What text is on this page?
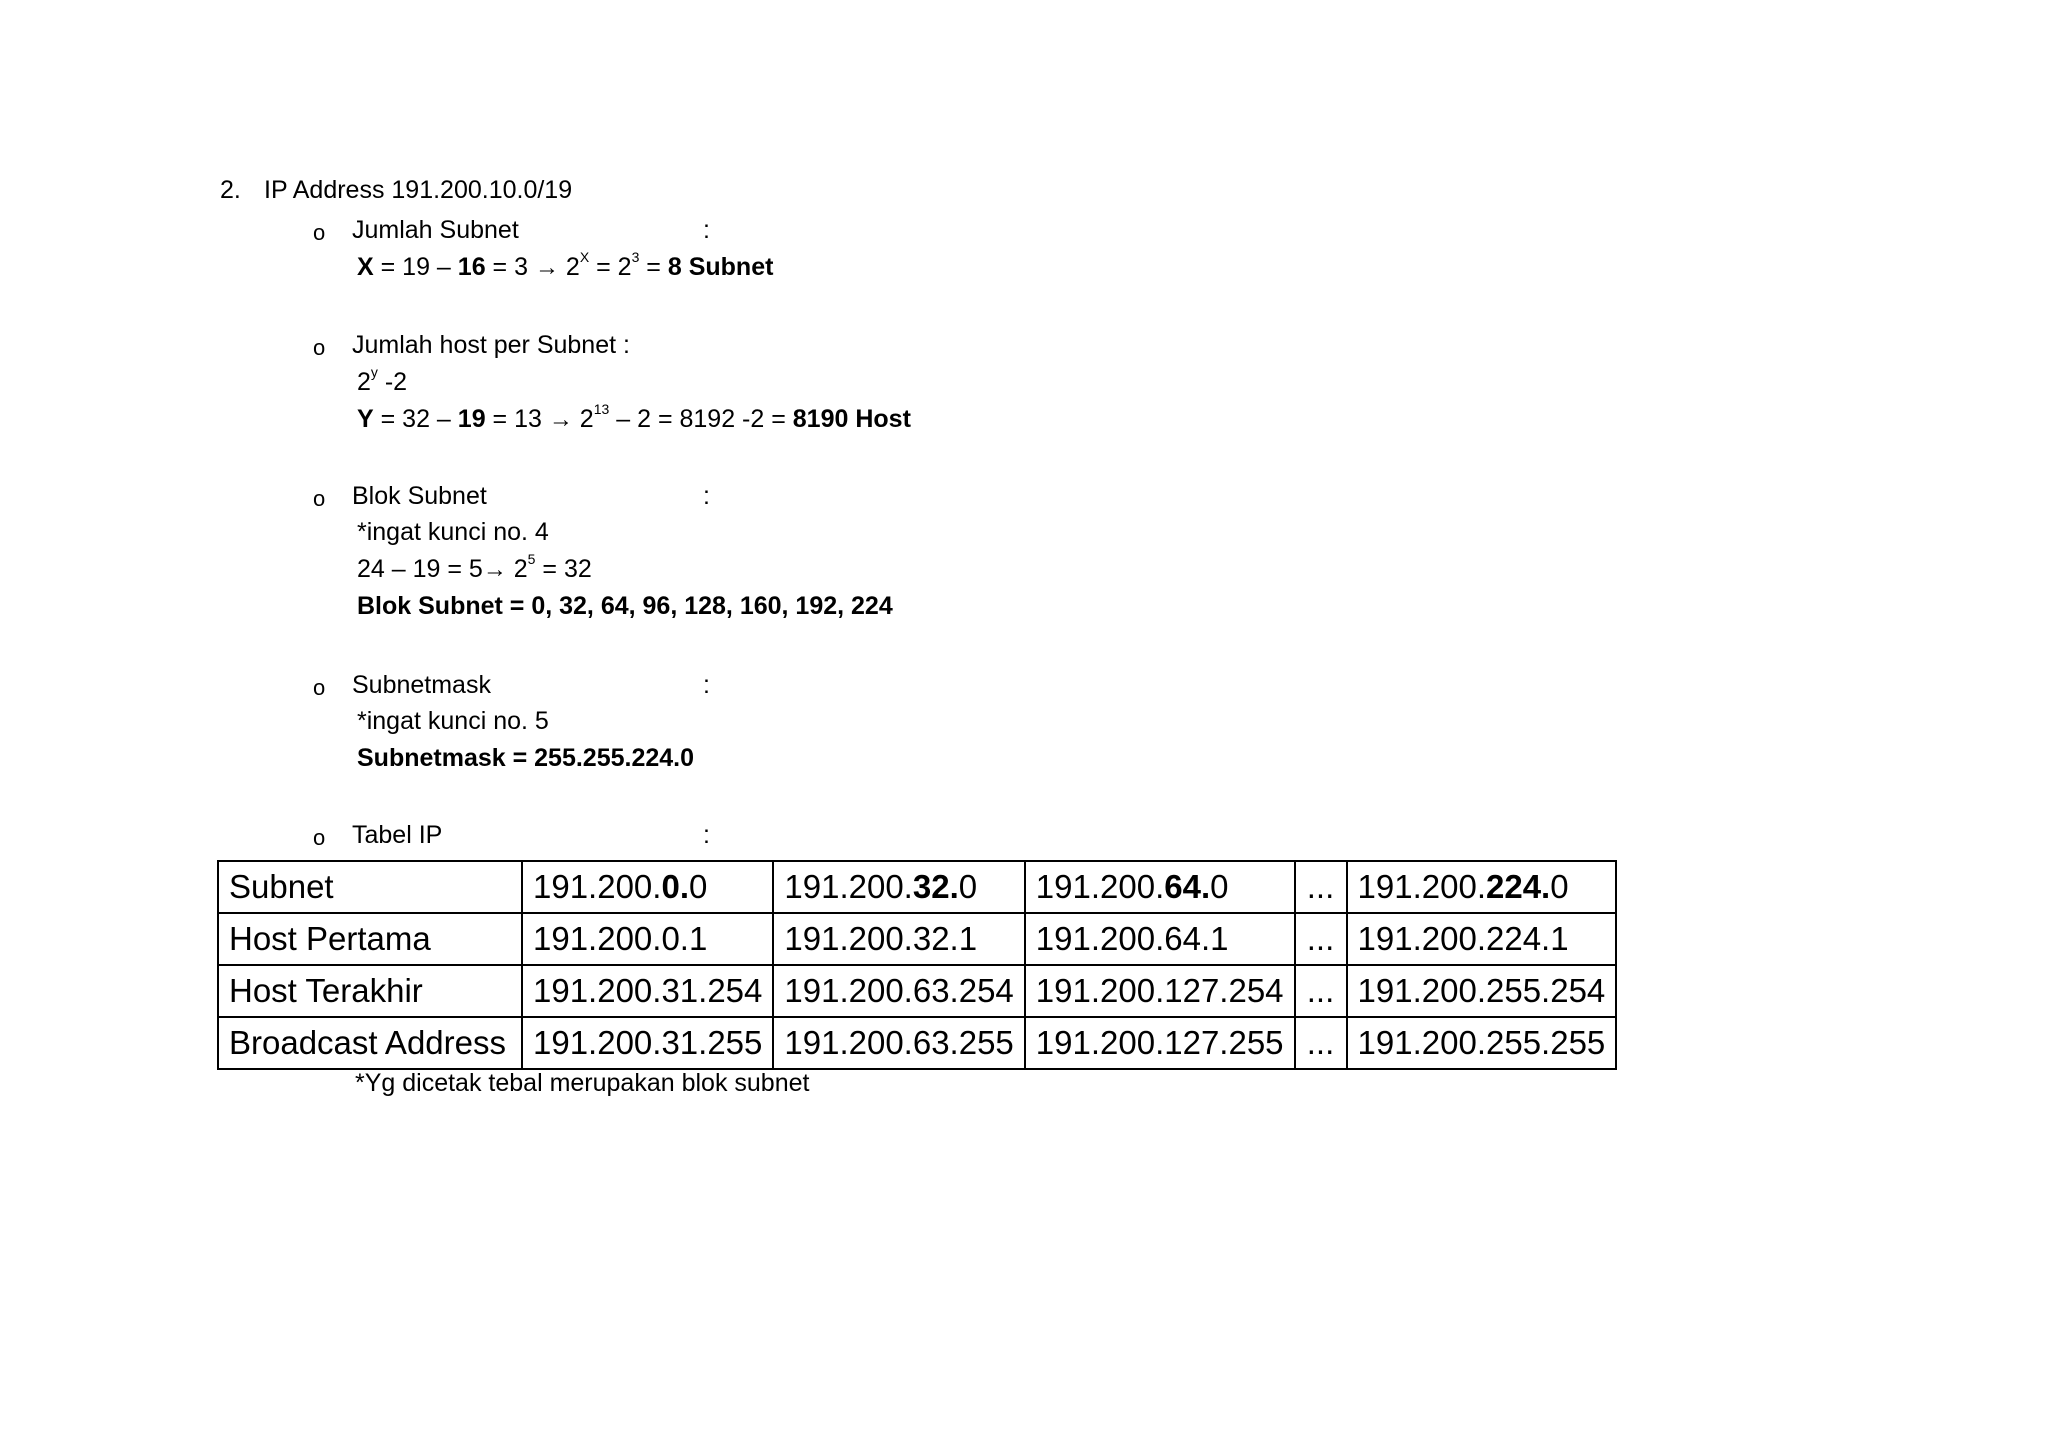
2. IP Address 191.200.10.0/19
o Jumlah Subnet	:
$X = 19 - 16 = 3 \to 2^X = 2^3 = 8$ Subnet
o Jumlah host per Subnet :
2$^y$ -2
$Y = 32 - 19 = 13 \to 2^{13} - 2 = 8192$ -2 = 8190 Host
o Blok Subnet	:
*ingat kunci no. 4
$24 - 19 = 5\to 2^5 = 32$
Blok Subnet = 0, 32, 64, 96, 128, 160, 192, 224
o Subnetmask	:
*ingat kunci no. 5
Subnetmask = 255.255.224.0
o Tabel IP	:
Subnet	191.200.0.0	191.200.32.0	191.200.64.0	...	191.200.224.0
Host Pertama	191.200.0.1	191.200.32.1	191.200.64.1	...	191.200.224.1
Host Terakhir	191.200.31.254	191.200.63.254	191.200.127.254	...	191.200.255.254
Broadcast Address	191.200.31.255	191.200.63.255	191.200.127.255	...	191.200.255.255
*Yg dicetak tebal merupakan blok subnet
